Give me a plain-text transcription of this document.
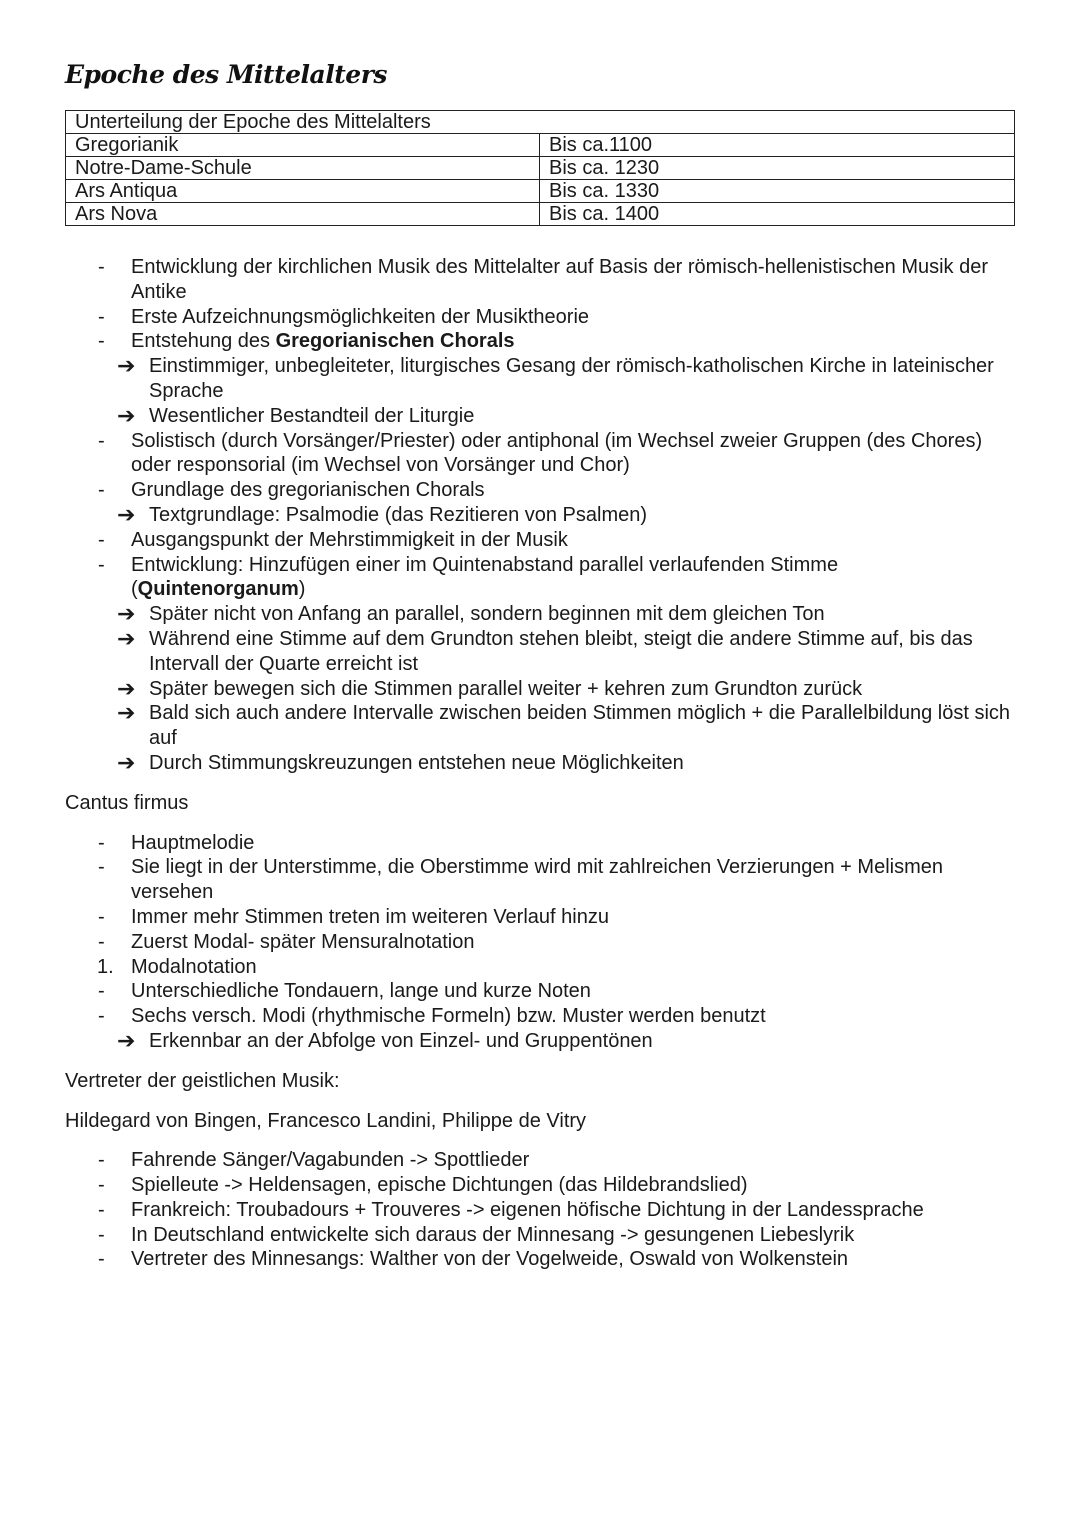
Epoche des Mittelalters
Unterteilung der Epoche des Mittelalters	
Gregorianik	Bis ca.1100
Notre-Dame-Schule	Bis ca. 1230
Ars Antiqua	Bis ca. 1330
Ars Nova	Bis ca. 1400
- Entwicklung der kirchlichen Musik des Mittelalter auf Basis der römisch-hellenistischen Musik der
Antike
- Erste Aufzeichnungsmöglichkeiten der Musiktheorie
- Entstehung des Gregorianischen Chorals
➔ Einstimmiger, unbegleiteter, liturgisches Gesang der römisch-katholischen Kirche in lateinischer
Sprache
➔ Wesentlicher Bestandteil der Liturgie
- Solistisch (durch Vorsänger/Priester) oder antiphonal (im Wechsel zweier Gruppen (des Chores)
oder responsorial (im Wechsel von Vorsänger und Chor)
- Grundlage des gregorianischen Chorals
➔ Textgrundlage: Psalmodie (das Rezitieren von Psalmen)
- Ausgangspunkt der Mehrstimmigkeit in der Musik
- Entwicklung: Hinzufügen einer im Quintenabstand parallel verlaufenden Stimme
(Quintenorganum)
➔ Später nicht von Anfang an parallel, sondern beginnen mit dem gleichen Ton
➔ Während eine Stimme auf dem Grundton stehen bleibt, steigt die andere Stimme auf, bis das
Intervall der Quarte erreicht ist
➔ Später bewegen sich die Stimmen parallel weiter + kehren zum Grundton zurück
➔ Bald sich auch andere Intervalle zwischen beiden Stimmen möglich + die Parallelbildung löst sich
auf
➔ Durch Stimmungskreuzungen entstehen neue Möglichkeiten
Cantus firmus
- Hauptmelodie
- Sie liegt in der Unterstimme, die Oberstimme wird mit zahlreichen Verzierungen + Melismen
versehen
- Immer mehr Stimmen treten im weiteren Verlauf hinzu
- Zuerst Modal- später Mensuralnotation
1. Modalnotation
- Unterschiedliche Tondauern, lange und kurze Noten
- Sechs versch. Modi (rhythmische Formeln) bzw. Muster werden benutzt
➔ Erkennbar an der Abfolge von Einzel- und Gruppentönen
Vertreter der geistlichen Musik:
Hildegard von Bingen, Francesco Landini, Philippe de Vitry
- Fahrende Sänger/Vagabunden -> Spottlieder
- Spielleute -> Heldensagen, epische Dichtungen (das Hildebrandslied)
- Frankreich: Troubadours + Trouveres -> eigenen höfische Dichtung in der Landessprache
- In Deutschland entwickelte sich daraus der Minnesang -> gesungenen Liebeslyrik
- Vertreter des Minnesangs: Walther von der Vogelweide, Oswald von Wolkenstein
